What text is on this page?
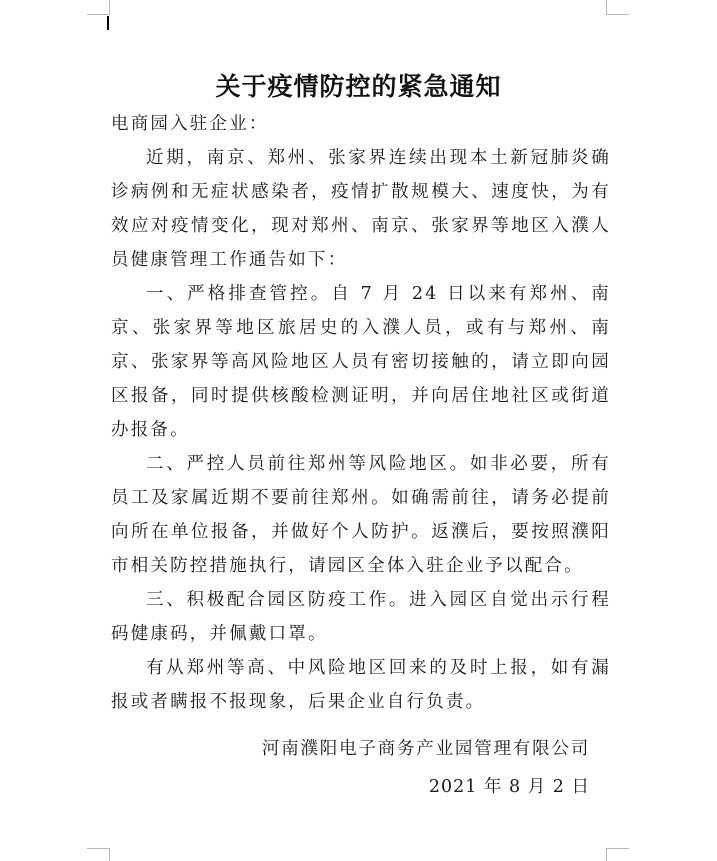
关于疫情防控的紧急通知

电商园入驻企业：

近期，南京、郑州、张家界连续出现本土新冠肺炎确诊病例和无症状感染者，疫情扩散规模大、速度快，为有效应对疫情变化，现对郑州、南京、张家界等地区入濮人员健康管理工作通告如下：

一、严格排查管控。自 7 月 24 日以来有郑州、南京、张家界等地区旅居史的入濮人员，或有与郑州、南京、张家界等高风险地区人员有密切接触的，请立即向园区报备，同时提供核酸检测证明，并向居住地社区或街道办报备。

二、严控人员前往郑州等风险地区。如非必要，所有员工及家属近期不要前往郑州。如确需前往，请务必提前向所在单位报备，并做好个人防护。返濮后，要按照濮阳市相关防控措施执行，请园区全体入驻企业予以配合。

三、积极配合园区防疫工作。进入园区自觉出示行程码健康码，并佩戴口罩。

有从郑州等高、中风险地区回来的及时上报，如有漏报或者瞒报不报现象，后果企业自行负责。

河南濮阳电子商务产业园管理有限公司
2021 年 8 月 2 日
